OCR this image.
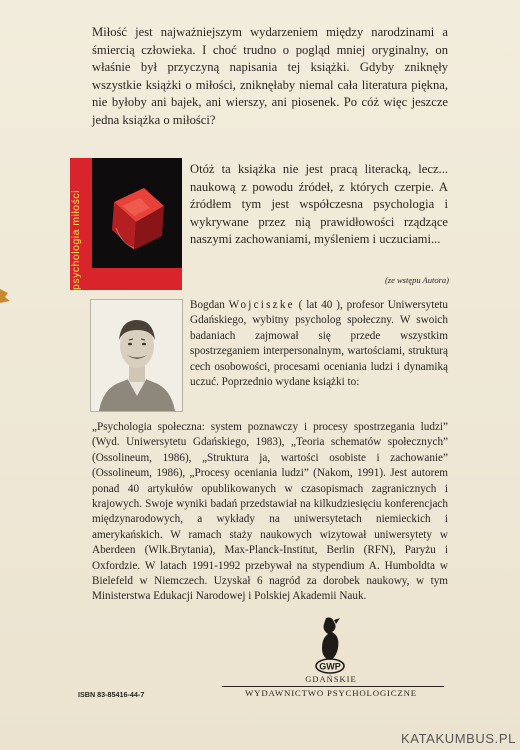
Miłość jest najważniejszym wydarzeniem między narodzinami a śmiercią człowieka. I choć trudno o pogląd mniej oryginalny, on właśnie był przyczyną napisania tej książki. Gdyby zniknęły wszystkie książki o miłości, zniknęłaby niemal cała literatura piękna, nie byłoby ani bajek, ani wierszy, ani piosenek. Po cóż więc jeszcze jedna książka o miłości?

psychologia miłości

Otóż ta książka nie jest pracą literacką, lecz... naukową z powodu źródeł, z których czerpie. A źródłem tym jest współczesna psychologia i wykrywane przez nią prawidłowości rządzące naszymi zachowaniami, myśleniem i uczuciami...

(ze wstępu Autora)

Bogdan Wojciszke ( lat 40 ), profesor Uniwersytetu Gdańskiego, wybitny psycholog społeczny. W swoich badaniach zajmował się przede wszystkim spostrzeganiem interpersonalnym, wartościami, strukturą cech osobowości, procesami oceniania ludzi i dynamiką uczuć. Poprzednio wydane książki to:

„Psychologia społeczna: system poznawczy i procesy spostrzegania ludzi” (Wyd. Uniwersytetu Gdańskiego, 1983), „Teoria schematów społecznych” (Ossolineum, 1986), „Struktura ja, wartości osobiste i zachowanie” (Ossolineum, 1986), „Procesy oceniania ludzi” (Nakom, 1991). Jest autorem ponad 40 artykułów opublikowanych w czasopismach zagranicznych i krajowych. Swoje wyniki badań przedstawiał na kilkudziesięciu konferencjach międzynarodowych, a wykłady na uniwersytetach niemieckich i amerykańskich. W ramach staży naukowych wizytował uniwersytety w Aberdeen (Wlk.Brytania), Max-Planck-Institut, Berlin (RFN), Paryżu i Oxfordzie. W latach 1991-1992 przebywał na stypendium A. Humboldta w Bielefeld w Niemczech. Uzyskał 6 nagród za dorobek naukowy, w tym Ministerstwa Edukacji Narodowej i Polskiej Akademii Nauk.

GWP

GDAŃSKIE

WYDAWNICTWO PSYCHOLOGICZNE

ISBN 83-85416-44-7

KATAKUMBUS.PL
